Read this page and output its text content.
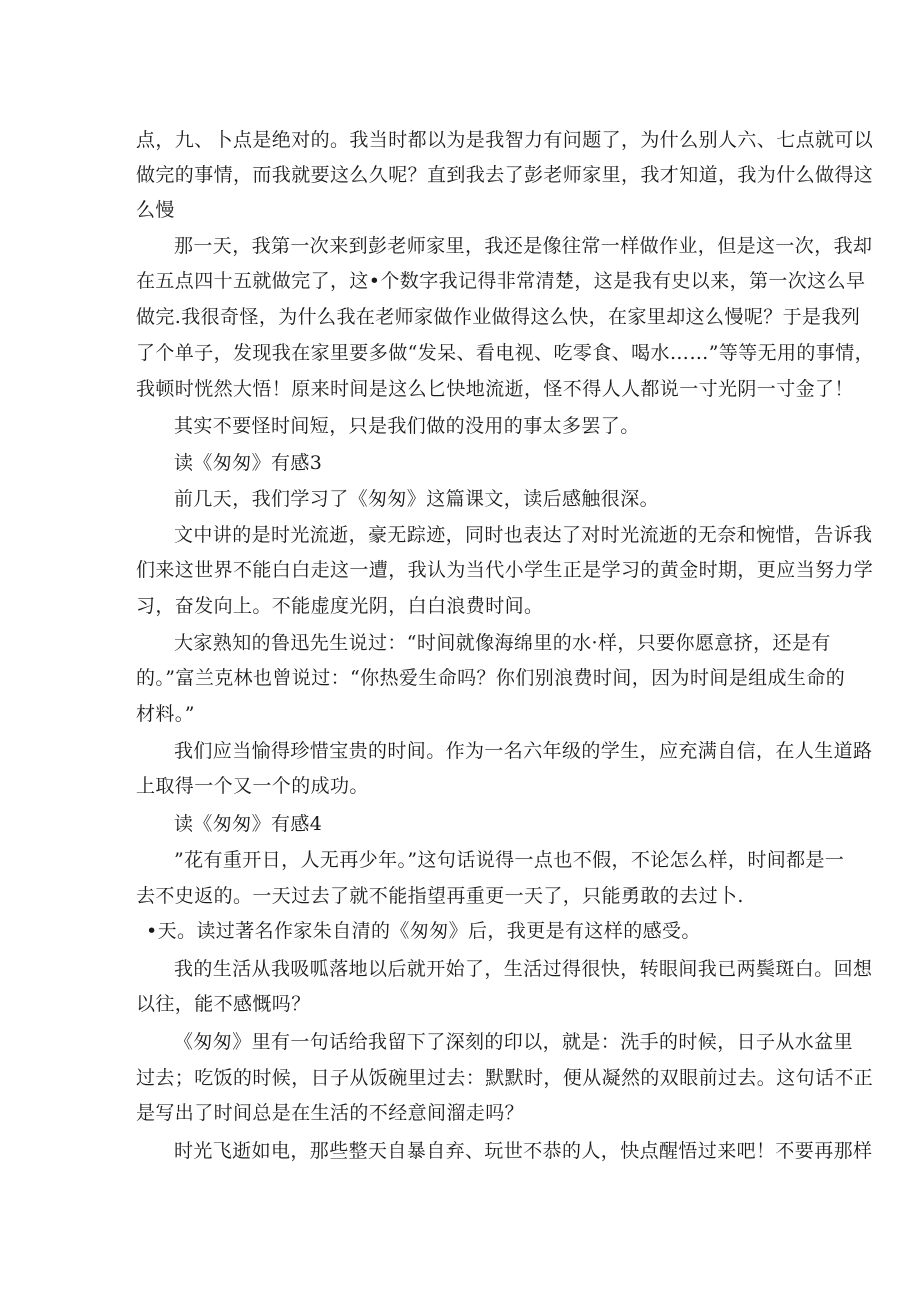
点，九、卜点是绝对的。我当时都以为是我智力有问题了，为什么别人六、七点就可以
做完的事情，而我就要这么久呢？直到我去了彭老师家里，我才知道，我为什么做得这
么慢
那一天，我第一次来到彭老师家里，我还是像往常一样做作业，但是这一次，我却
在五点四十五就做完了，这•个数字我记得非常清楚，这是我有史以来，第一次这么早
做完.我很奇怪，为什么我在老师家做作业做得这么快，在家里却这么慢呢？于是我列
了个单子，发现我在家里要多做“发呆、看电视、吃零食、喝水……”等等无用的事情，
我顿时恍然大悟！原来时间是这么匕快地流逝，怪不得人人都说一寸光阴一寸金了！
其实不要怪时间短，只是我们做的没用的事太多罢了。
读《匆匆》有感3
前几天，我们学习了《匆匆》这篇课文，读后感触很深。
文中讲的是时光流逝，豪无踪迹，同时也表达了对时光流逝的无奈和惋惜，告诉我
们来这世界不能白白走这一遭，我认为当代小学生正是学习的黄金时期，更应当努力学
习，奋发向上。不能虚度光阴，白白浪费时间。
大家熟知的鲁迅先生说过：“时间就像海绵里的水·样，只要你愿意挤，还是有
的。”富兰克林也曾说过：“你热爱生命吗？你们别浪费时间，因为时间是组成生命的
材料。”
我们应当愉得珍惜宝贵的时间。作为一名六年级的学生，应充满自信，在人生道路
上取得一个又一个的成功。
读《匆匆》有感4
”花有重开日，人无再少年。”这句话说得一点也不假，不论怎么样，时间都是一
去不史返的。一天过去了就不能指望再重更一天了，只能勇敢的去过卜.
•天。读过著名作家朱自清的《匆匆》后，我更是有这样的感受。
我的生活从我吸呱落地以后就开始了，生活过得很快，转眼间我已两鬓斑白。回想
以往，能不感慨吗？
《匆匆》里有一句话给我留下了深刻的印以，就是：洗手的时候，日子从水盆里
过去；吃饭的时候，日子从饭碗里过去：默默时，便从凝然的双眼前过去。这句话不正
是写出了时间总是在生活的不经意间溜走吗？
时光飞逝如电，那些整天自暴自弃、玩世不恭的人，快点醒悟过来吧！不要再那样
